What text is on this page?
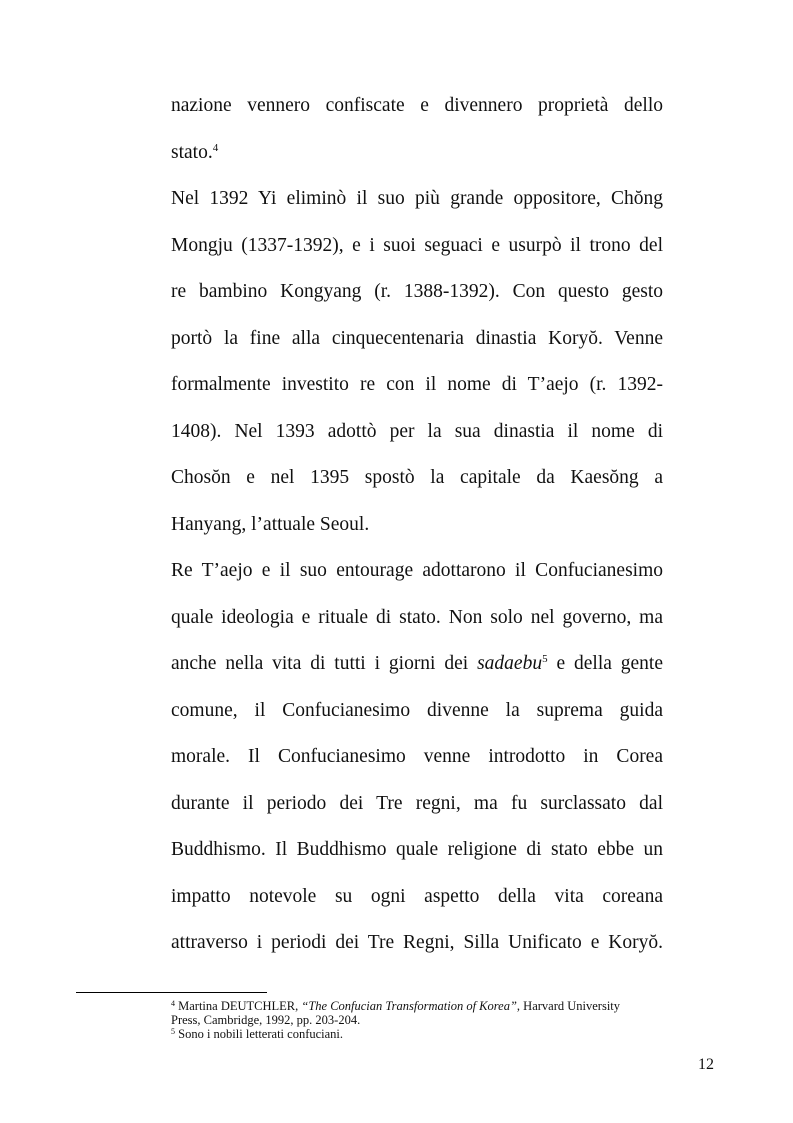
nazione vennero confiscate e divennero proprietà dello
stato.$^4$
Nel 1392 Yi eliminò il suo più grande oppositore, Chŏng
Mongju (1337-1392), e i suoi seguaci e usurpò il trono del
re bambino Kongyang (r. 1388-1392). Con questo gesto
portò la fine alla cinquecentenaria dinastia Koryŏ. Venne
formalmente investito re con il nome di T’aejo (r. 1392-
1408). Nel 1393 adottò per la sua dinastia il nome di
Chosŏn e nel 1395 spostò la capitale da Kaesŏng a
Hanyang, l’attuale Seoul.
Re T’aejo e il suo entourage adottarono il Confucianesimo
quale ideologia e rituale di stato. Non solo nel governo, ma
anche nella vita di tutti i giorni dei sadaebu$^5$ e della gente
comune, il Confucianesimo divenne la suprema guida
morale. Il Confucianesimo venne introdotto in Corea
durante il periodo dei Tre regni, ma fu surclassato dal
Buddhismo. Il Buddhismo quale religione di stato ebbe un
impatto notevole su ogni aspetto della vita coreana
attraverso i periodi dei Tre Regni, Silla Unificato e Koryŏ.
$^4$ Martina DEUTCHLER, “The Confucian Transformation of Korea”, Harvard University
Press, Cambridge, 1992, pp. 203-204.
$^5$ Sono i nobili letterati confuciani.
12
